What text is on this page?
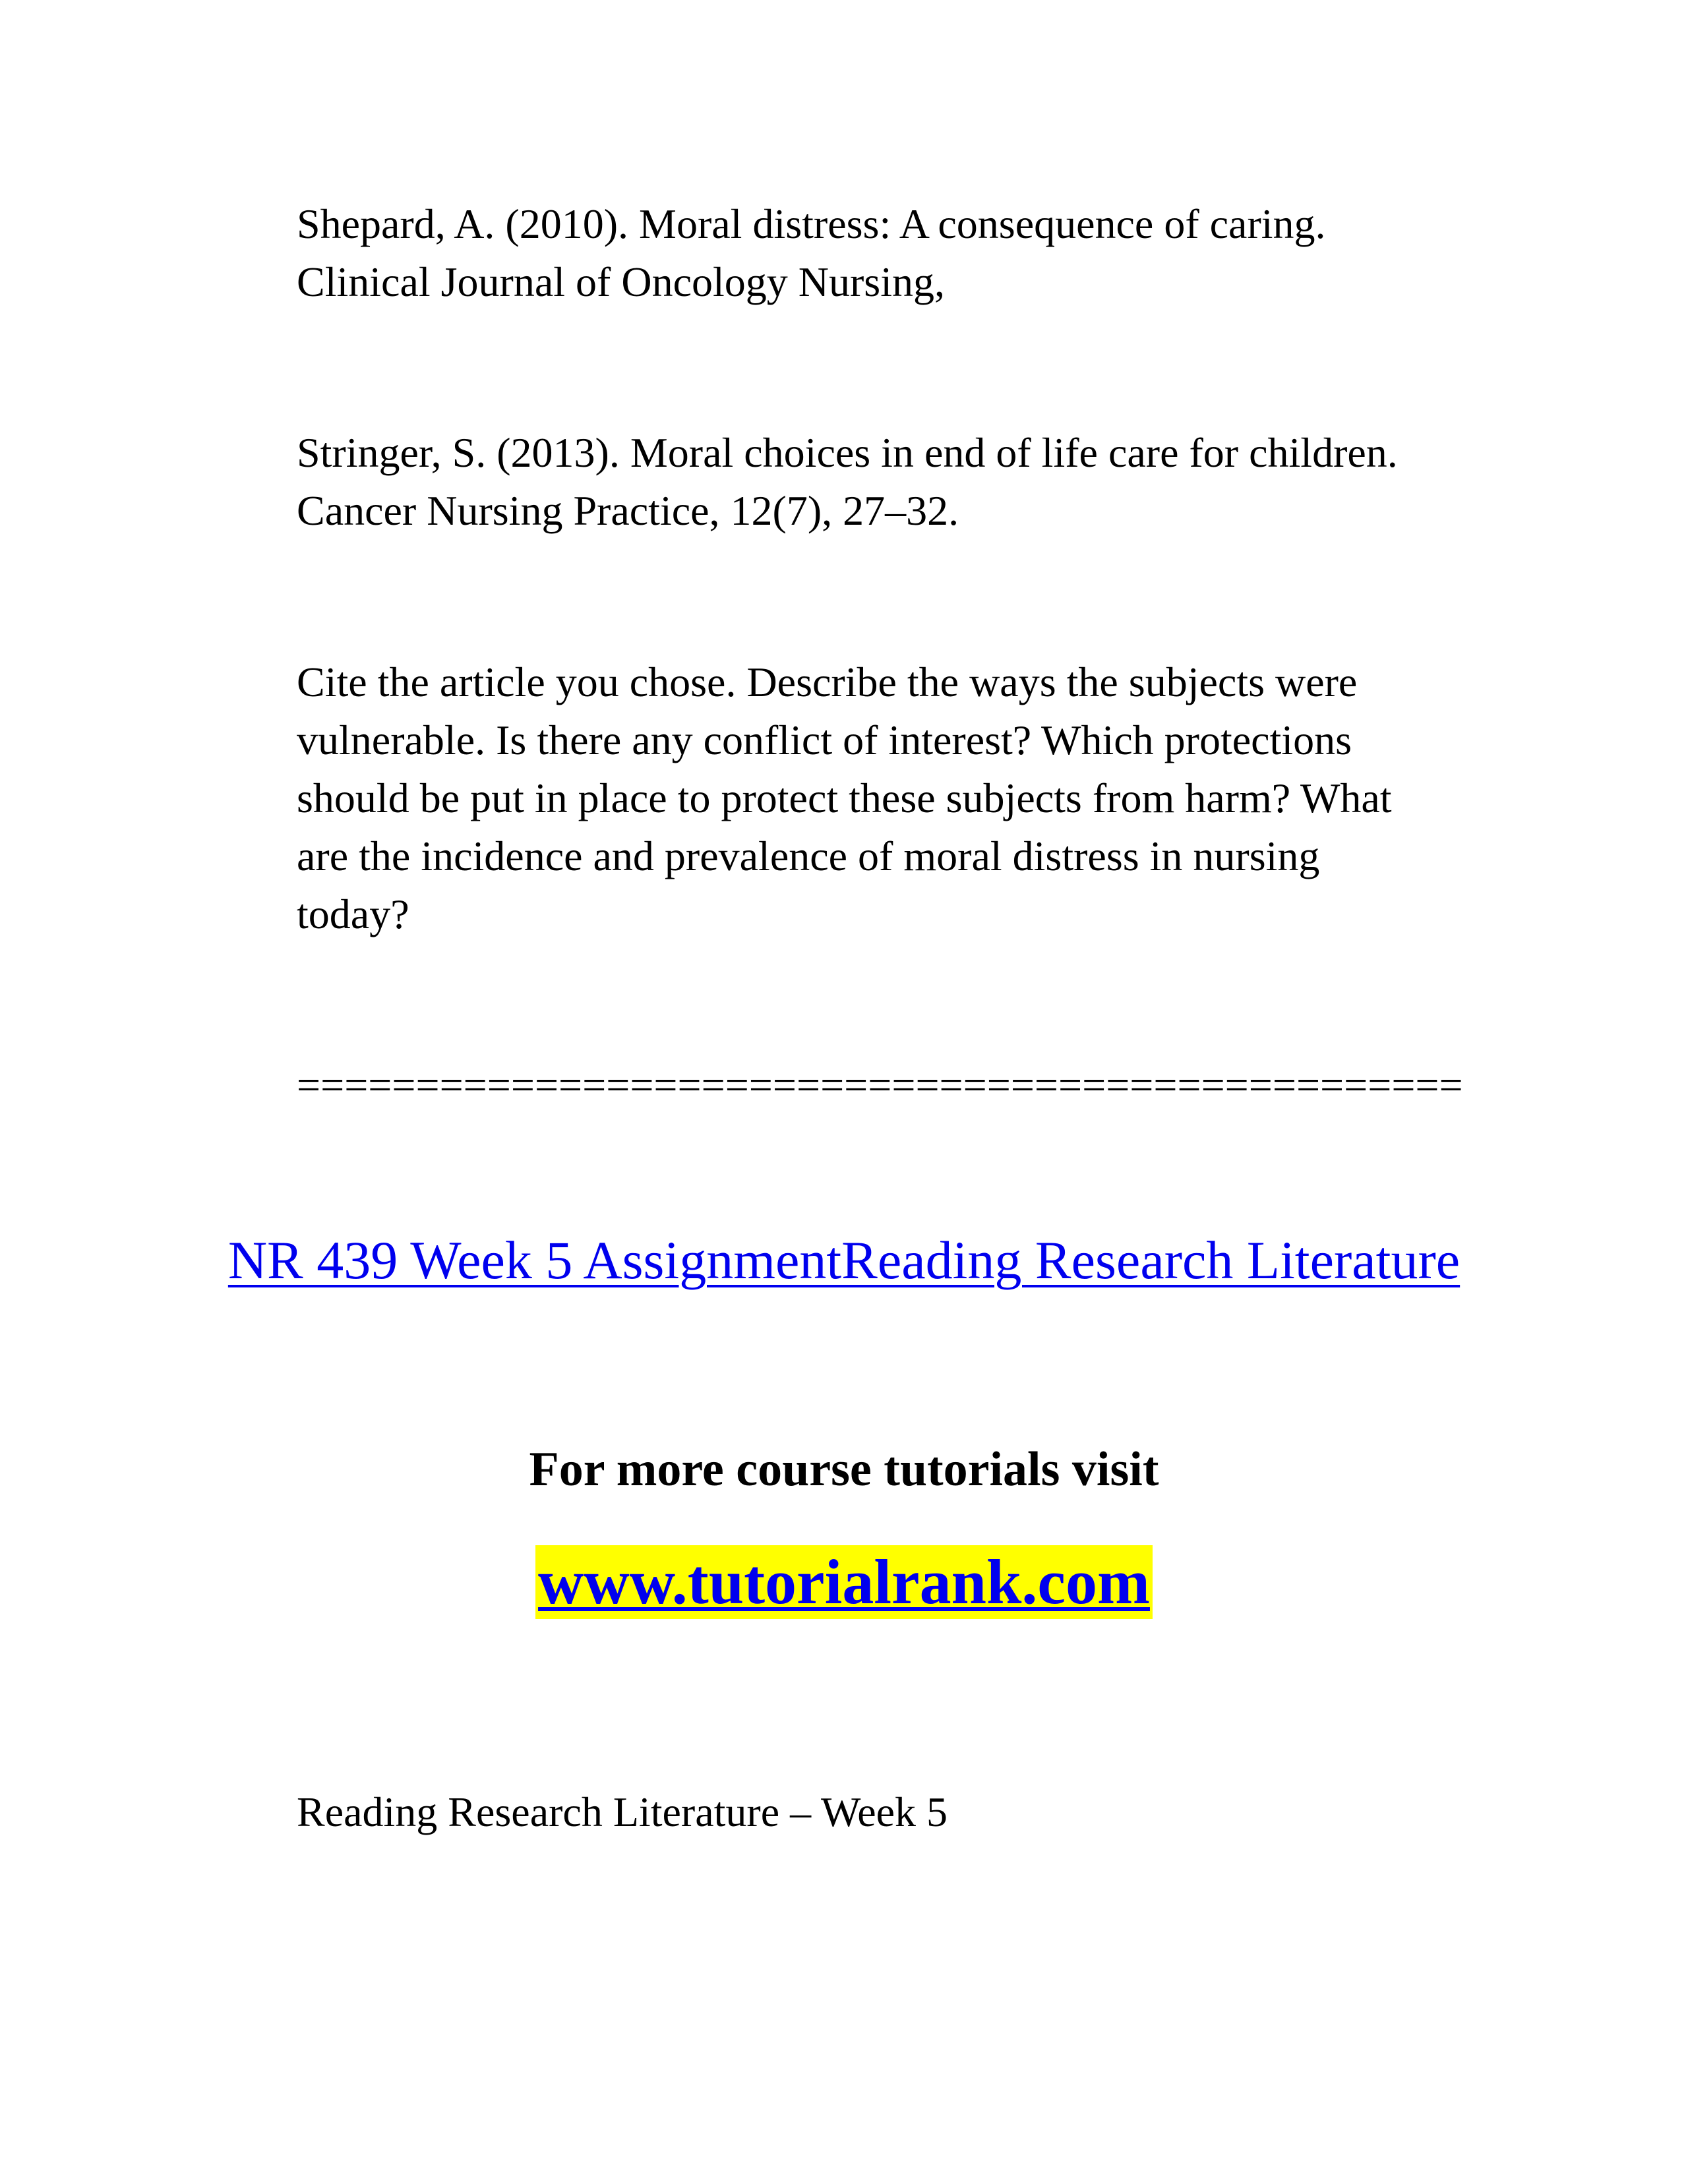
Shepard, A. (2010). Moral distress: A consequence of caring.
Clinical Journal of Oncology Nursing,

Stringer, S. (2013). Moral choices in end of life care for children.
Cancer Nursing Practice, 12(7), 27–32.

Cite the article you chose. Describe the ways the subjects were
vulnerable. Is there any conflict of interest? Which protections
should be put in place to protect these subjects from harm? What
are the incidence and prevalence of moral distress in nursing
today?

=================================================

NR 439 Week 5 AssignmentReading Research Literature
For more course tutorials visit
www.tutorialrank.com

Reading Research Literature – Week 5
